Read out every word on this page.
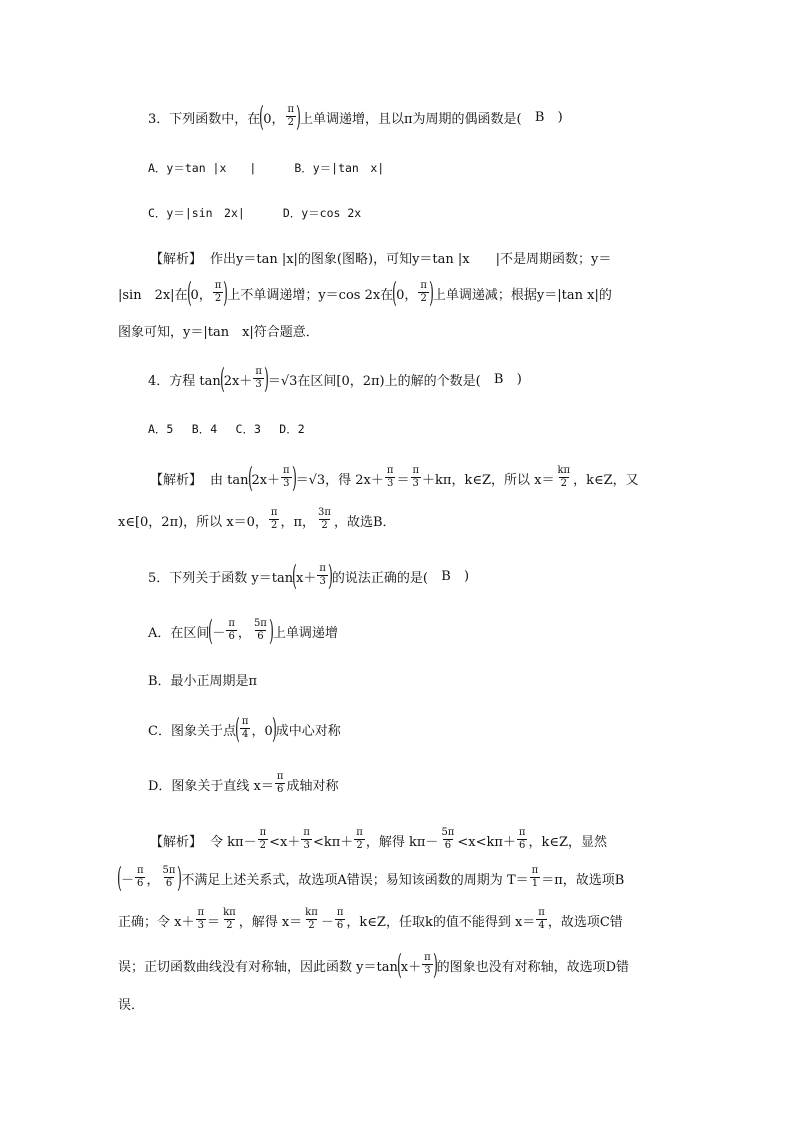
3．下列函数中，在 ( 0， $\frac{\pi}{2}$ ) 上单调递增，且以π为周期的偶函数是(	B	)
A．y＝tan |x　　|	B．y＝|tan　x|
C．y＝|sin　2x|	D．y＝cos 2x
【解析】 作出y＝tan |x|的图象(图略)，可知y＝tan |x　　|不是周期函数；y＝
|sin　2x|在 ( 0， $\frac{\pi}{2}$ ) 上不单调递增；y＝cos 2x在 ( 0， $\frac{\pi}{2}$ ) 上单调递减；根据y＝|tan x|的
图象可知，y＝|tan　x|符合题意．
4．方程 tan ( $2x+ \frac{\pi}{3}$ ) ＝√3在区间[0，2π)上的解的个数是(	B	)
A．5　 B．4　 C．3　 D．2
【解析】 由 tan ( $2x+ \frac{\pi}{3}$ ) ＝√3，得 $2x+ \frac{\pi}{3} = \frac{\pi}{3} +k\pi$，k∈Z，所以 $x= \frac{k\pi}{2}$ ，k∈Z，又
x∈[0，2π)，所以 x＝0， $\frac{\pi}{2}$ ，π， $\frac{3\pi}{2}$ ，故选B．
5．下列关于函数 y＝tan ( $x+ \frac{\pi}{3}$ ) 的说法正确的是(	B	)
A．在区间 ( － $\frac{\pi}{6}$ ， $\frac{5\pi}{6}$ ) 上单调递增
B．最小正周期是π
C．图象关于点 ( $\frac{\pi}{4}$ ，0 ) 成中心对称
D．图象关于直线 $x= \frac{\pi}{6}$ 成轴对称
【解析】 令 $k\pi- \frac{\pi}{2} <x+ \frac{\pi}{3} <k\pi+ \frac{\pi}{2}$ ，解得 $k\pi- \frac{5\pi}{6} <x<k\pi+ \frac{\pi}{6}$ ，k∈Z，显然
( － $\frac{\pi}{6}$ ， $\frac{5\pi}{6}$ ) 不满足上述关系式，故选项A错误；易知该函数的周期为 $T= \frac{\pi}{1} =\pi$，故选项B
正确；令 $x+ \frac{\pi}{3} = \frac{k\pi}{2}$ ，解得 $x= \frac{k\pi}{2} - \frac{\pi}{6}$ ，k∈Z，任取k的值不能得到 $x= \frac{\pi}{4}$ ，故选项C错
误；正切函数曲线没有对称轴，因此函数 y＝tan ( $x+ \frac{\pi}{3}$ ) 的图象也没有对称轴，故选项D错
误．
